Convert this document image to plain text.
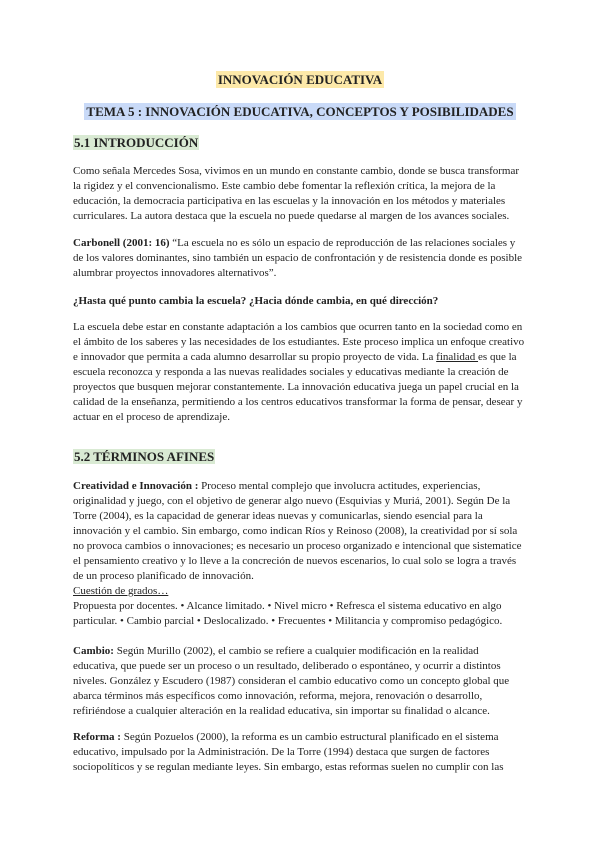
INNOVACIÓN EDUCATIVA
TEMA 5 : INNOVACIÓN EDUCATIVA, CONCEPTOS Y POSIBILIDADES
5.1 INTRODUCCIÓN
Como señala Mercedes Sosa, vivimos en un mundo en constante cambio, donde se busca transformar
la rigidez y el convencionalismo. Este cambio debe fomentar la reflexión crítica, la mejora de la
educación, la democracia participativa en las escuelas y la innovación en los métodos y materiales
curriculares. La autora destaca que la escuela no puede quedarse al margen de los avances sociales.
Carbonell (2001: 16) “La escuela no es sólo un espacio de reproducción de las relaciones sociales y
de los valores dominantes, sino también un espacio de confrontación y de resistencia donde es posible
alumbrar proyectos innovadores alternativos”.
¿Hasta qué punto cambia la escuela? ¿Hacia dónde cambia, en qué dirección?
La escuela debe estar en constante adaptación a los cambios que ocurren tanto en la sociedad como en
el ámbito de los saberes y las necesidades de los estudiantes. Este proceso implica un enfoque creativo
e innovador que permita a cada alumno desarrollar su propio proyecto de vida. La finalidad es que la
escuela reconozca y responda a las nuevas realidades sociales y educativas mediante la creación de
proyectos que busquen mejorar constantemente. La innovación educativa juega un papel crucial en la
calidad de la enseñanza, permitiendo a los centros educativos transformar la forma de pensar, desear y
actuar en el proceso de aprendizaje.
5.2 TÉRMINOS AFINES
Creatividad e Innovación : Proceso mental complejo que involucra actitudes, experiencias,
originalidad y juego, con el objetivo de generar algo nuevo (Esquivias y Muriá, 2001). Según De la
Torre (2004), es la capacidad de generar ideas nuevas y comunicarlas, siendo esencial para la
innovación y el cambio. Sin embargo, como indican Ríos y Reinoso (2008), la creatividad por sí sola
no provoca cambios o innovaciones; es necesario un proceso organizado e intencional que sistematice
el pensamiento creativo y lo lleve a la concreción de nuevos escenarios, lo cual solo se logra a través
de un proceso planificado de innovación.
Cuestión de grados…
Propuesta por docentes. • Alcance limitado. • Nivel micro • Refresca el sistema educativo en algo
particular. • Cambio parcial • Deslocalizado. • Frecuentes • Militancia y compromiso pedagógico.
Cambio: Según Murillo (2002), el cambio se refiere a cualquier modificación en la realidad
educativa, que puede ser un proceso o un resultado, deliberado o espontáneo, y ocurrir a distintos
niveles. González y Escudero (1987) consideran el cambio educativo como un concepto global que
abarca términos más específicos como innovación, reforma, mejora, renovación o desarrollo,
refiriéndose a cualquier alteración en la realidad educativa, sin importar su finalidad o alcance.
Reforma : Según Pozuelos (2000), la reforma es un cambio estructural planificado en el sistema
educativo, impulsado por la Administración. De la Torre (1994) destaca que surgen de factores
sociopolíticos y se regulan mediante leyes. Sin embargo, estas reformas suelen no cumplir con las
